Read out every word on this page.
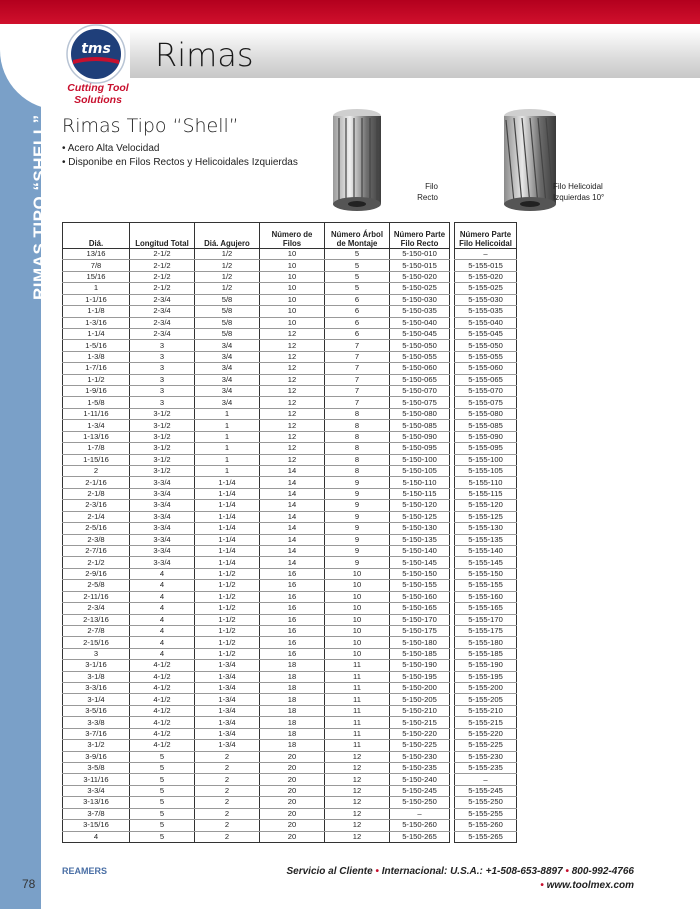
Rimas
RIMAS TIPO “SHELL”
tms
Cutting Tool
Solutions
Rimas Tipo “Shell”
• Acero Alta Velocidad
• Disponibe en Filos Rectos y Helicoidales Izquierdas
Filo
Recto
Filo Helicoidal
Izquierdas 10°
Diá.	Longitud Total	Diá. Agujero	Número de Filos	Número Árbol de Montaje	Número Parte Filo Recto		Número Parte Filo Helicoidal
13/16	2-1/2	1/2	10	5	5-150-010		–
7/8	2-1/2	1/2	10	5	5-150-015		5-155-015
15/16	2-1/2	1/2	10	5	5-150-020		5-155-020
1	2-1/2	1/2	10	5	5-150-025		5-155-025
1-1/16	2-3/4	5/8	10	6	5-150-030		5-155-030
1-1/8	2-3/4	5/8	10	6	5-150-035		5-155-035
1-3/16	2-3/4	5/8	10	6	5-150-040		5-155-040
1-1/4	2-3/4	5/8	12	6	5-150-045		5-155-045
1-5/16	3	3/4	12	7	5-150-050		5-155-050
1-3/8	3	3/4	12	7	5-150-055		5-155-055
1-7/16	3	3/4	12	7	5-150-060		5-155-060
1-1/2	3	3/4	12	7	5-150-065		5-155-065
1-9/16	3	3/4	12	7	5-150-070		5-155-070
1-5/8	3	3/4	12	7	5-150-075		5-155-075
1-11/16	3-1/2	1	12	8	5-150-080		5-155-080
1-3/4	3-1/2	1	12	8	5-150-085		5-155-085
1-13/16	3-1/2	1	12	8	5-150-090		5-155-090
1-7/8	3-1/2	1	12	8	5-150-095		5-155-095
1-15/16	3-1/2	1	12	8	5-150-100		5-155-100
2	3-1/2	1	14	8	5-150-105		5-155-105
2-1/16	3-3/4	1-1/4	14	9	5-150-110		5-155-110
2-1/8	3-3/4	1-1/4	14	9	5-150-115		5-155-115
2-3/16	3-3/4	1-1/4	14	9	5-150-120		5-155-120
2-1/4	3-3/4	1-1/4	14	9	5-150-125		5-155-125
2-5/16	3-3/4	1-1/4	14	9	5-150-130		5-155-130
2-3/8	3-3/4	1-1/4	14	9	5-150-135		5-155-135
2-7/16	3-3/4	1-1/4	14	9	5-150-140		5-155-140
2-1/2	3-3/4	1-1/4	14	9	5-150-145		5-155-145
2-9/16	4	1-1/2	16	10	5-150-150		5-155-150
2-5/8	4	1-1/2	16	10	5-150-155		5-155-155
2-11/16	4	1-1/2	16	10	5-150-160		5-155-160
2-3/4	4	1-1/2	16	10	5-150-165		5-155-165
2-13/16	4	1-1/2	16	10	5-150-170		5-155-170
2-7/8	4	1-1/2	16	10	5-150-175		5-155-175
2-15/16	4	1-1/2	16	10	5-150-180		5-155-180
3	4	1-1/2	16	10	5-150-185		5-155-185
3-1/16	4-1/2	1-3/4	18	11	5-150-190		5-155-190
3-1/8	4-1/2	1-3/4	18	11	5-150-195		5-155-195
3-3/16	4-1/2	1-3/4	18	11	5-150-200		5-155-200
3-1/4	4-1/2	1-3/4	18	11	5-150-205		5-155-205
3-5/16	4-1/2	1-3/4	18	11	5-150-210		5-155-210
3-3/8	4-1/2	1-3/4	18	11	5-150-215		5-155-215
3-7/16	4-1/2	1-3/4	18	11	5-150-220		5-155-220
3-1/2	4-1/2	1-3/4	18	11	5-150-225		5-155-225
3-9/16	5	2	20	12	5-150-230		5-155-230
3-5/8	5	2	20	12	5-150-235		5-155-235
3-11/16	5	2	20	12	5-150-240		–
3-3/4	5	2	20	12	5-150-245		5-155-245
3-13/16	5	2	20	12	5-150-250		5-155-250
3-7/8	5	2	20	12	–		5-155-255
3-15/16	5	2	20	12	5-150-260		5-155-260
4	5	2	20	12	5-150-265		5-155-265
78
REAMERS	Servicio al Cliente • Internacional: U.S.A.: +1-508-653-8897 • 800-992-4766
• www.toolmex.com
